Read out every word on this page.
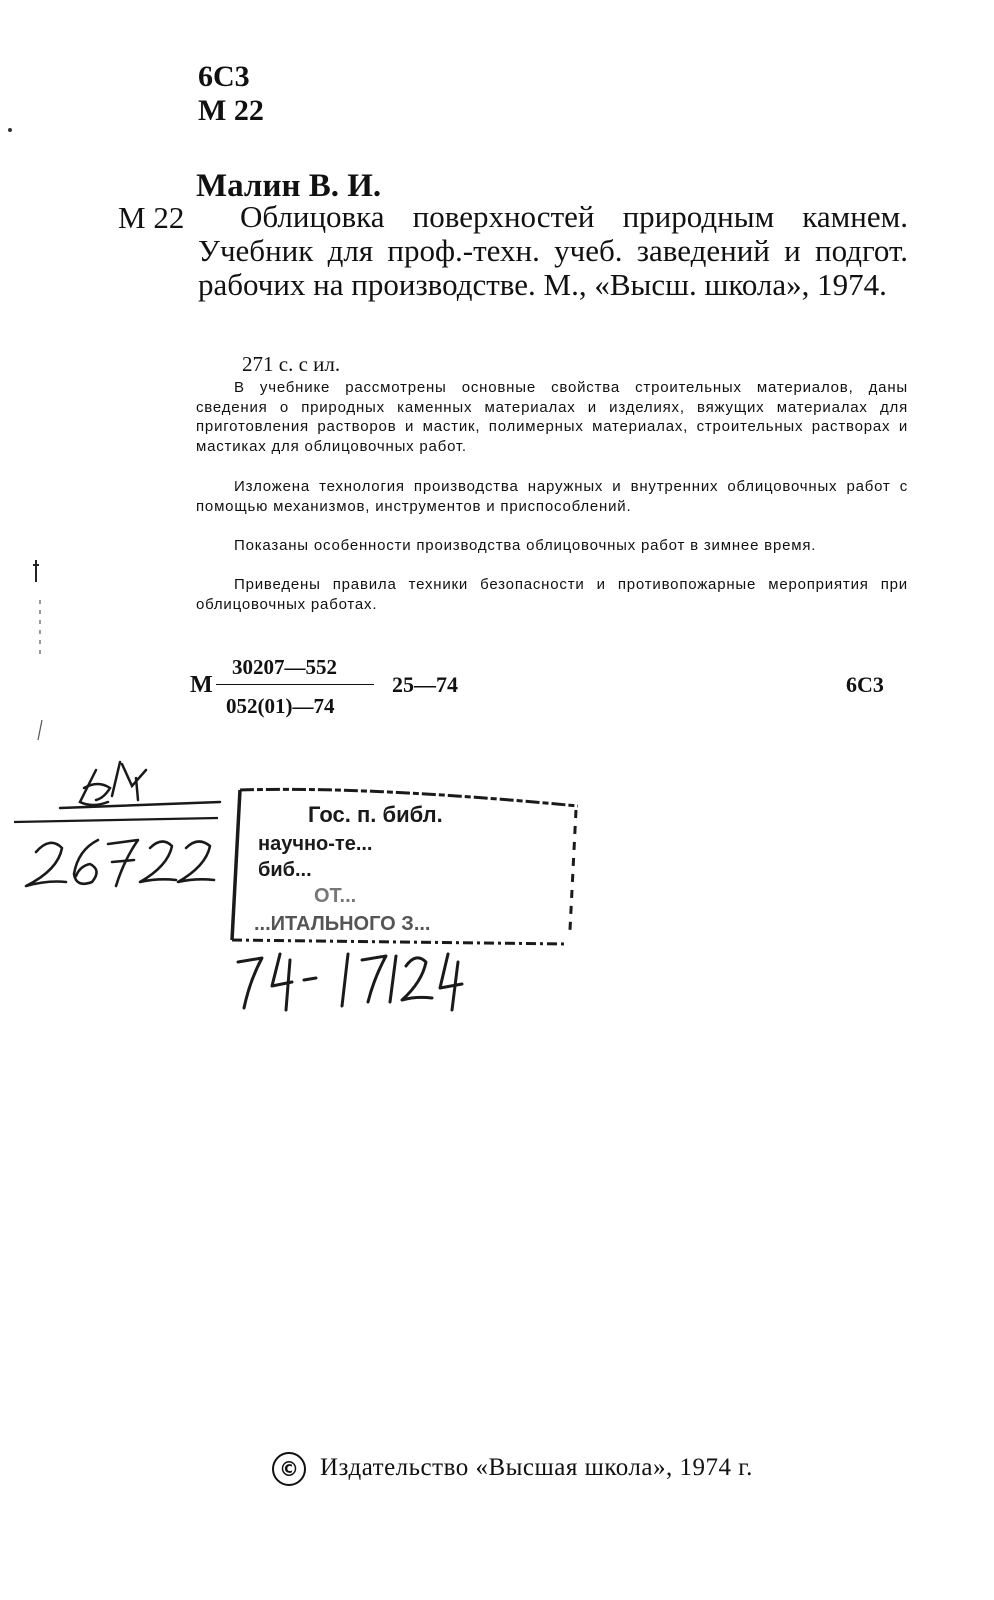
6С3
М 22
Малин В. И.
М 22	Облицовка поверхностей природным камнем. Учебник для проф.-техн. учеб. заведений и подгот. рабочих на производстве. М., «Высш. школа», 1974.
271 с. с ил.
В учебнике рассмотрены основные свойства строительных материалов, даны сведения о природных каменных материалах и изделиях, вяжущих материалах для приготовления растворов и мастик, полимерных материалах, строительных растворах и мастиках для облицовочных работ.
Изложена технология производства наружных и внутренних облицовочных работ с помощью механизмов, инструментов и приспособлений.
Показаны особенности производства облицовочных работ в зимнее время.
Приведены правила техники безопасности и противопожарные мероприятия при облицовочных работах.
М
30207—552
052(01)—74
25—74	6С3
Гос. п. библ.
научно-те...
биб...
ОТ...
...ИТАЛЬНОГО З...
© Издательство «Высшая школа», 1974 г.
